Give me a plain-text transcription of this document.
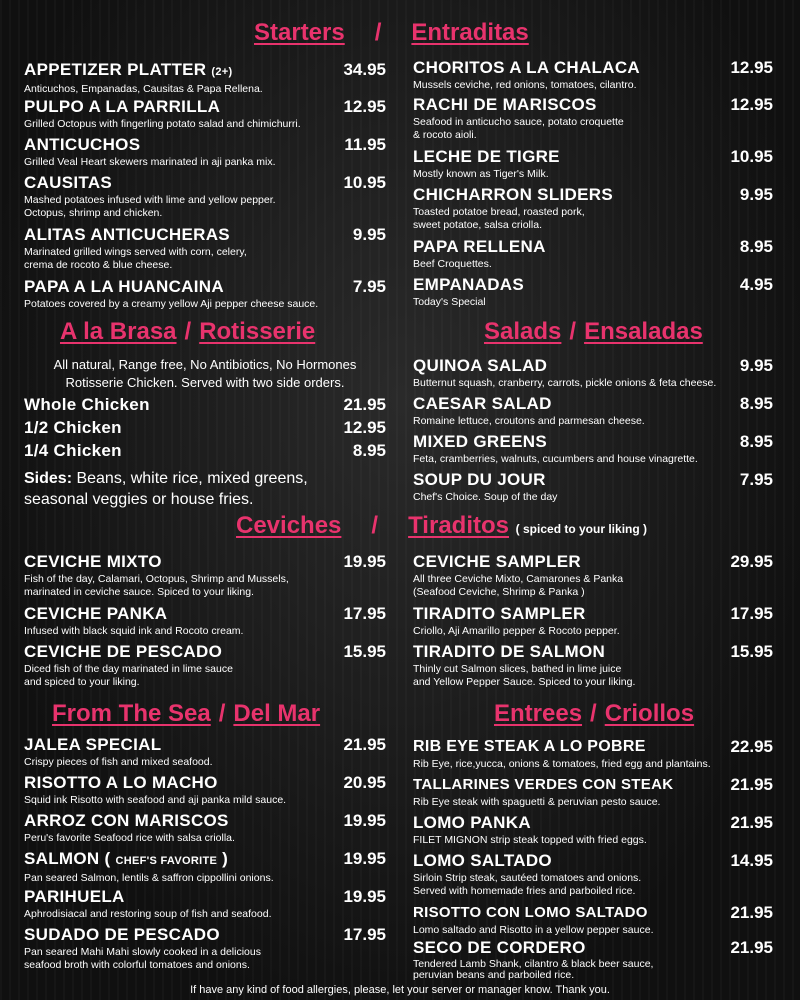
Starters / Entraditas
A la Brasa / Rotisserie	Salads / Ensaladas
Ceviches / Tiraditos ( spiced to your liking )
From The Sea / Del Mar	Entrees / Criollos
APPETIZER PLATTER (2+)	34.95
Anticuchos, Empanadas, Causitas & Papa Rellena.
PULPO A LA PARRILLA	12.95
Grilled Octopus with fingerling potato salad and chimichurri.
ANTICUCHOS	11.95
Grilled Veal Heart skewers marinated in aji panka mix.
CAUSITAS	10.95
Mashed potatoes infused with lime and yellow pepper.
Octopus, shrimp and chicken.
ALITAS ANTICUCHERAS	9.95
Marinated grilled wings served with corn, celery,
crema de rocoto & blue cheese.
PAPA A LA HUANCAINA	7.95
Potatoes covered by a creamy yellow Aji pepper cheese sauce.
CHORITOS A LA CHALACA	12.95
Mussels ceviche, red onions, tomatoes, cilantro.
RACHI DE MARISCOS	12.95
Seafood in anticucho sauce, potato croquette
& rocoto aioli.
LECHE DE TIGRE	10.95
Mostly known as Tiger's Milk.
CHICHARRON SLIDERS	9.95
Toasted potatoe bread, roasted pork,
sweet potatoe, salsa criolla.
PAPA RELLENA	8.95
Beef Croquettes.
EMPANADAS	4.95
Today's Special
All natural, Range free, No Antibiotics, No Hormones
Rotisserie Chicken. Served with two side orders.
Whole Chicken	21.95
1/2 Chicken	12.95
1/4 Chicken	8.95
Sides: Beans, white rice, mixed greens,
seasonal veggies or house fries.
QUINOA SALAD	9.95
Butternut squash, cranberry, carrots, pickle onions & feta cheese.
CAESAR SALAD	8.95
Romaine lettuce, croutons and parmesan cheese.
MIXED GREENS	8.95
Feta, cramberries, walnuts, cucumbers and house vinagrette.
SOUP DU JOUR	7.95
Chef's Choice. Soup of the day
CEVICHE MIXTO	19.95
Fish of the day, Calamari, Octopus, Shrimp and Mussels,
marinated in ceviche sauce. Spiced to your liking.
CEVICHE PANKA	17.95
Infused with black squid ink and Rocoto cream.
CEVICHE DE PESCADO	15.95
Diced fish of the day marinated in lime sauce
and spiced to your liking.
CEVICHE SAMPLER	29.95
All three Ceviche Mixto, Camarones & Panka
(Seafood Ceviche, Shrimp & Panka )
TIRADITO SAMPLER	17.95
Criollo, Aji Amarillo pepper & Rocoto pepper.
TIRADITO DE SALMON	15.95
Thinly cut Salmon slices, bathed in lime juice
and Yellow Pepper Sauce. Spiced to your liking.
JALEA SPECIAL	21.95
Crispy pieces of fish and mixed seafood.
RISOTTO A LO MACHO	20.95
Squid ink Risotto with seafood and aji panka mild sauce.
ARROZ CON MARISCOS	19.95
Peru's favorite Seafood rice with salsa criolla.
SALMON ( CHEF'S FAVORITE )	19.95
Pan seared Salmon, lentils & saffron cippollini onions.
PARIHUELA	19.95
Aphrodisiacal and restoring soup of fish and seafood.
SUDADO DE PESCADO	17.95
Pan seared Mahi Mahi slowly cooked in a delicious
seafood broth with colorful tomatoes and onions.
RIB EYE STEAK A LO POBRE	22.95
Rib Eye, rice,yucca, onions & tomatoes, fried egg and plantains.
TALLARINES VERDES CON STEAK	21.95
Rib Eye steak with spaguetti & peruvian pesto sauce.
LOMO PANKA	21.95
FILET MIGNON strip steak topped with fried eggs.
LOMO SALTADO	14.95
Sirloin Strip steak, sautéed tomatoes and onions.
Served with homemade fries and parboiled rice.
RISOTTO CON LOMO SALTADO	21.95
Lomo saltado and Risotto in a yellow pepper sauce.
SECO DE CORDERO	21.95
Tendered Lamb Shank, cilantro & black beer sauce,
peruvian beans and parboiled rice.
If have any kind of food allergies, please, let your server or manager know. Thank you.
